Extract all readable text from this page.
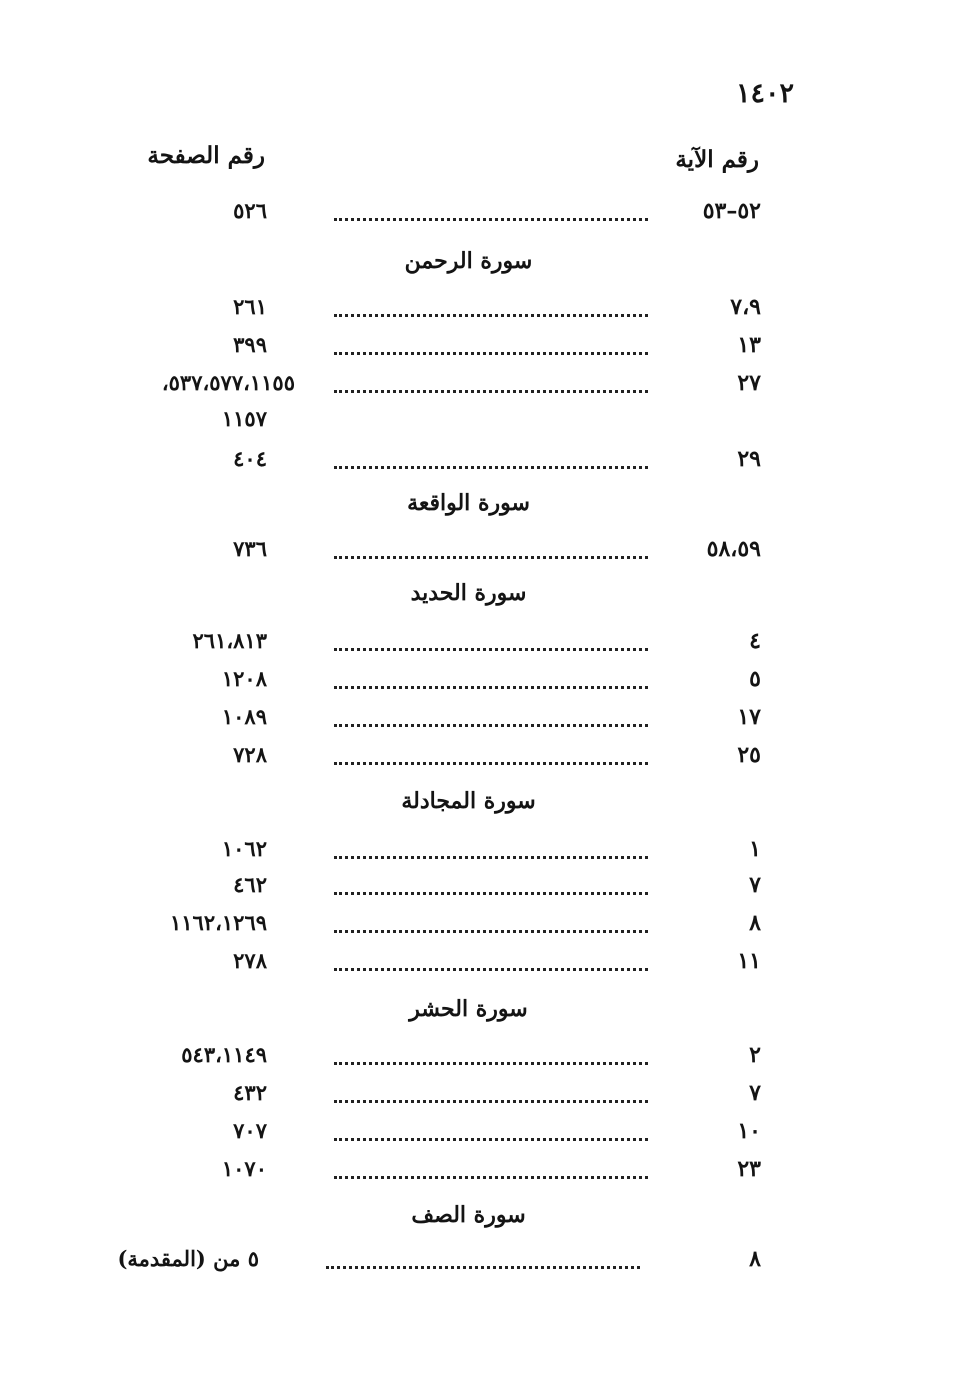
١٤٠٢
رقم الآية
رقم الصفحة
٥٢–٥٣
٥٢٦
سورة الرحمن
٧،٩
٢٦١
١٣
٣٩٩
٢٧
٥٣٧،٥٧٧،١١٥٥،
١١٥٧
٢٩
٤٠٤
سورة الواقعة
٥٨،٥٩
٧٣٦
سورة الحديد
٤
٢٦١،٨١٣
٥
١٢٠٨
١٧
١٠٨٩
٢٥
٧٢٨
سورة المجادلة
١
١٠٦٢
٧
٤٦٢
٨
١١٦٢،١٢٦٩
١١
٢٧٨
سورة الحشر
٢
٥٤٣،١١٤٩
٧
٤٣٢
١٠
٧٠٧
٢٣
١٠٧٠
سورة الصف
٨
٥ من (المقدمة)
